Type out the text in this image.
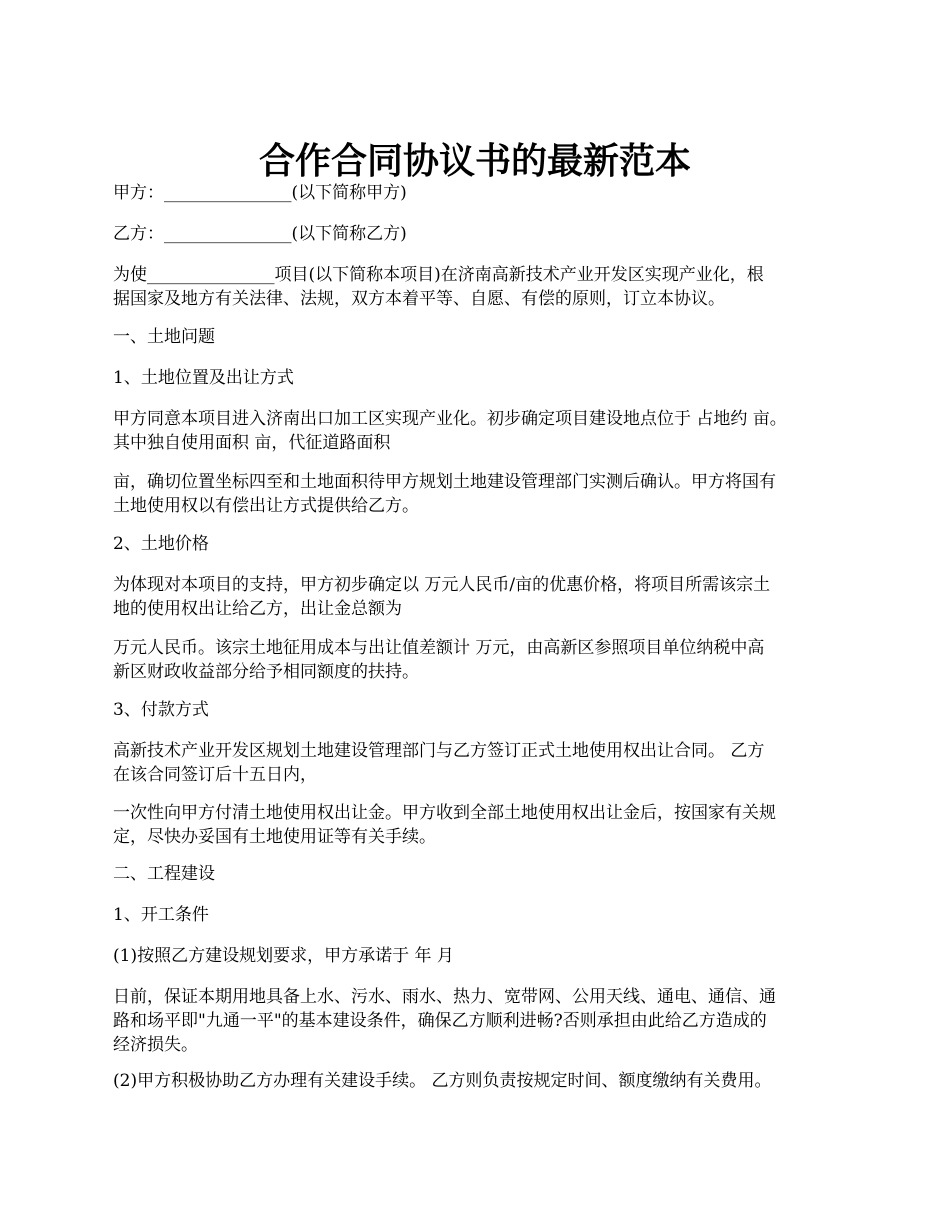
合作合同协议书的最新范本

甲方：_______________(以下简称甲方)

乙方：_______________(以下简称乙方)

为使_______________项目(以下简称本项目)在济南高新技术产业开发区实现产业化，根
据国家及地方有关法律、法规，双方本着平等、自愿、有偿的原则，订立本协议。

一、土地问题

1、土地位置及出让方式

甲方同意本项目进入济南出口加工区实现产业化。初步确定项目建设地点位于 占地约 亩。
其中独自使用面积 亩，代征道路面积

亩，确切位置坐标四至和土地面积待甲方规划土地建设管理部门实测后确认。甲方将国有
土地使用权以有偿出让方式提供给乙方。

2、土地价格

为体现对本项目的支持，甲方初步确定以 万元人民币/亩的优惠价格，将项目所需该宗土
地的使用权出让给乙方，出让金总额为

万元人民币。该宗土地征用成本与出让值差额计 万元，由高新区参照项目单位纳税中高
新区财政收益部分给予相同额度的扶持。

3、付款方式

高新技术产业开发区规划土地建设管理部门与乙方签订正式土地使用权出让合同。 乙方
在该合同签订后十五日内，

一次性向甲方付清土地使用权出让金。甲方收到全部土地使用权出让金后，按国家有关规
定，尽快办妥国有土地使用证等有关手续。

二、工程建设

1、开工条件

(1)按照乙方建设规划要求，甲方承诺于 年 月

日前，保证本期用地具备上水、污水、雨水、热力、宽带网、公用天线、通电、通信、通
路和场平即"九通一平"的基本建设条件，确保乙方顺利进畅?否则承担由此给乙方造成的
经济损失。

(2)甲方积极协助乙方办理有关建设手续。 乙方则负责按规定时间、额度缴纳有关费用。
